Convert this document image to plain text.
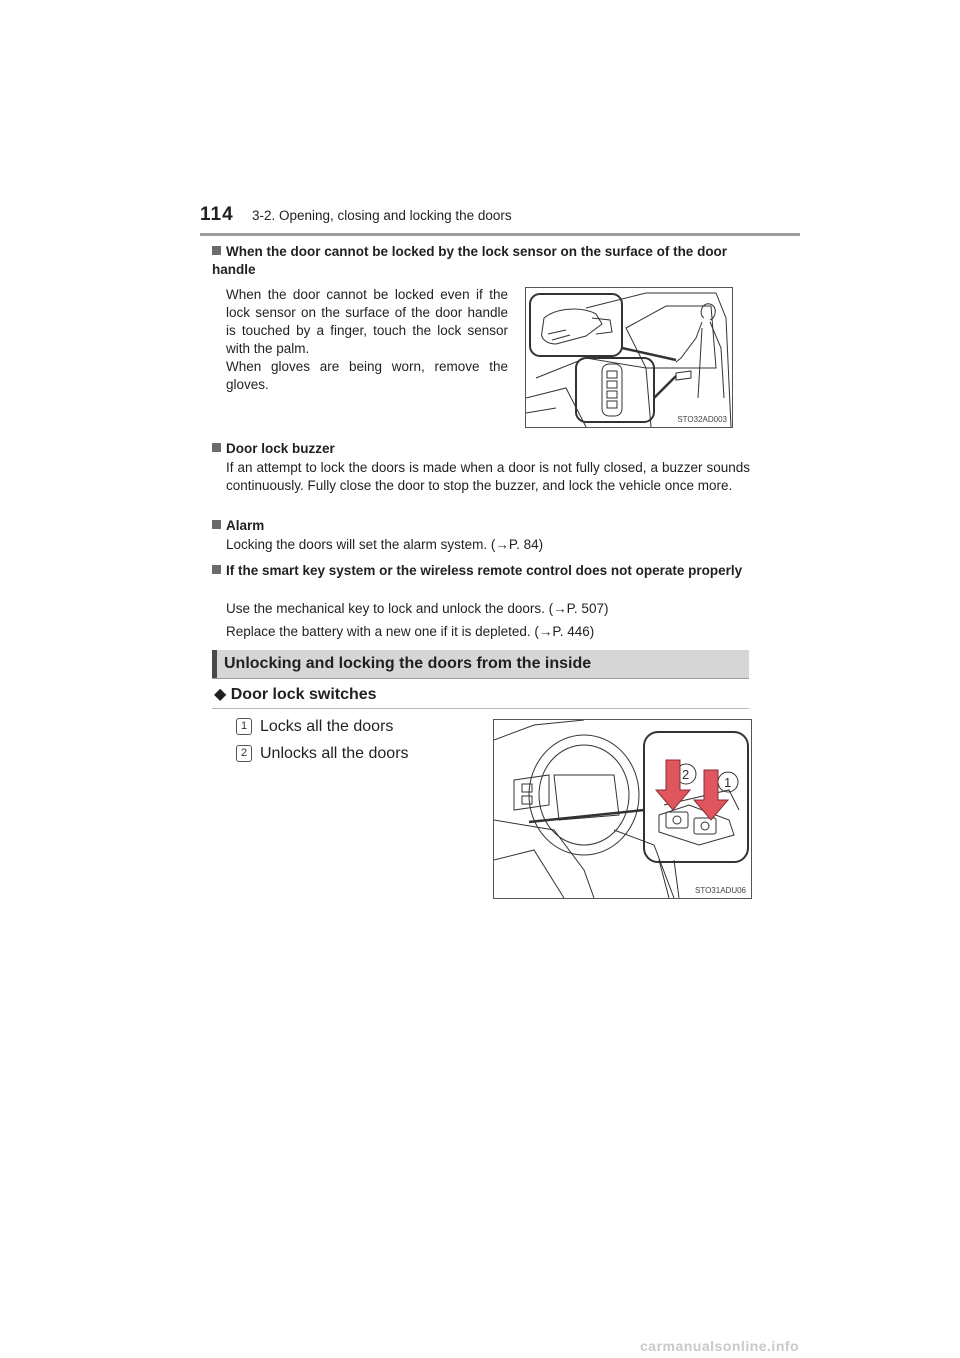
114 3-2. Opening, closing and locking the doors
When the door cannot be locked by the lock sensor on the surface of the door handle
When the door cannot be locked even if the lock sensor on the surface of the door handle is touched by a finger, touch the lock sensor with the palm.
When gloves are being worn, remove the gloves.
STO32AD003
Door lock buzzer
If an attempt to lock the doors is made when a door is not fully closed, a buzzer sounds continuously. Fully close the door to stop the buzzer, and lock the vehicle once more.
Alarm
Locking the doors will set the alarm system. (→P. 84)
If the smart key system or the wireless remote control does not operate properly
Use the mechanical key to lock and unlock the doors. (→P. 507)
Replace the battery with a new one if it is depleted. (→P. 446)
Unlocking and locking the doors from the inside
◆ Door lock switches
1 Locks all the doors
2 Unlocks all the doors
2
1
STO31ADU06
carmanualsonline.info
